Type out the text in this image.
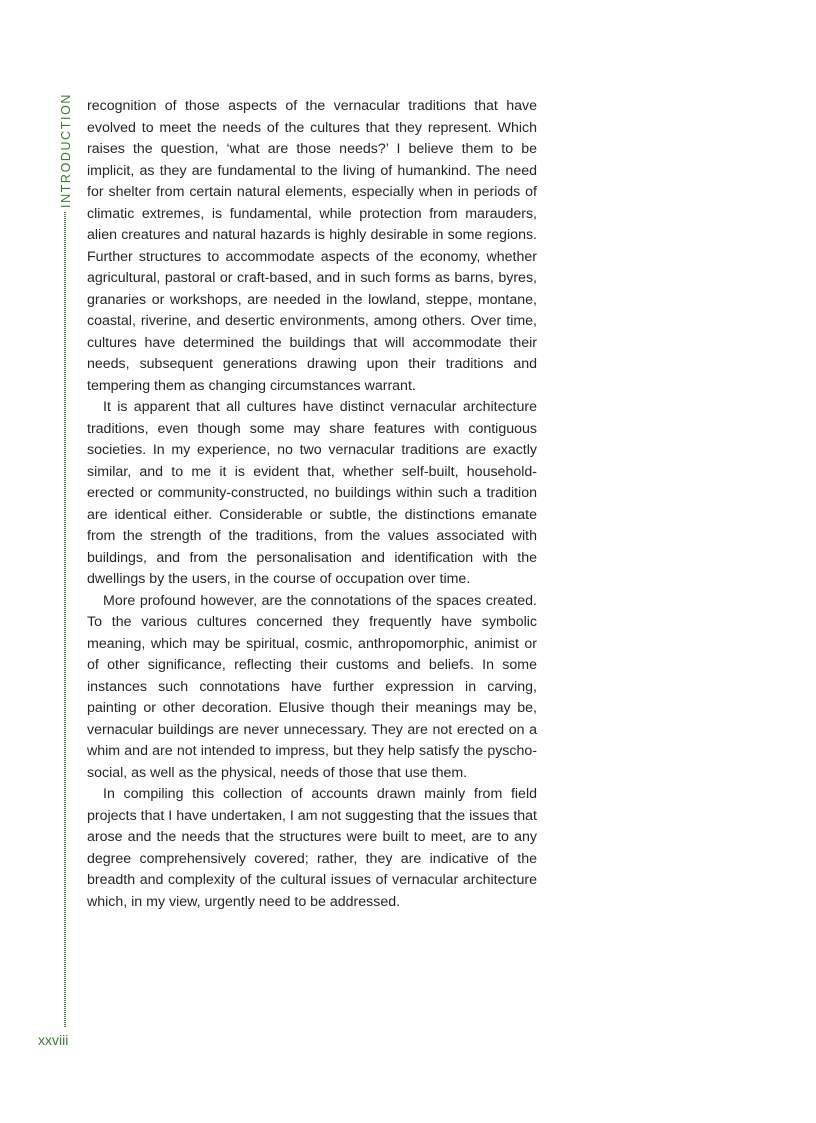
INTRODUCTION recognition of those aspects of the vernacular traditions that have evolved to meet the needs of the cultures that they represent. Which raises the question, ‘what are those needs?’ I believe them to be implicit, as they are fundamental to the living of humankind. The need for shelter from certain natural elements, especially when in periods of climatic extremes, is fundamental, while protection from marauders, alien creatures and natural hazards is highly desirable in some regions. Further structures to accommodate aspects of the economy, whether agricultural, pastoral or craft-based, and in such forms as barns, byres, granaries or workshops, are needed in the lowland, steppe, montane, coastal, riverine, and desertic environments, among others. Over time, cultures have determined the buildings that will accommodate their needs, subsequent generations drawing upon their traditions and tempering them as changing circumstances warrant.

It is apparent that all cultures have distinct vernacular architecture traditions, even though some may share features with contiguous societies. In my experience, no two vernacular traditions are exactly similar, and to me it is evident that, whether self-built, household-erected or community-constructed, no buildings within such a tradition are identical either. Considerable or subtle, the distinctions emanate from the strength of the traditions, from the values associated with buildings, and from the personalisation and identification with the dwellings by the users, in the course of occupation over time.

More profound however, are the connotations of the spaces created. To the various cultures concerned they frequently have symbolic meaning, which may be spiritual, cosmic, anthropomorphic, animist or of other significance, reflecting their customs and beliefs. In some instances such connotations have further expression in carving, painting or other decoration. Elusive though their meanings may be, vernacular buildings are never unnecessary. They are not erected on a whim and are not intended to impress, but they help satisfy the pyscho-social, as well as the physical, needs of those that use them.

In compiling this collection of accounts drawn mainly from field projects that I have undertaken, I am not suggesting that the issues that arose and the needs that the structures were built to meet, are to any degree comprehensively covered; rather, they are indicative of the breadth and complexity of the cultural issues of vernacular architecture which, in my view, urgently need to be addressed.

xxviii
